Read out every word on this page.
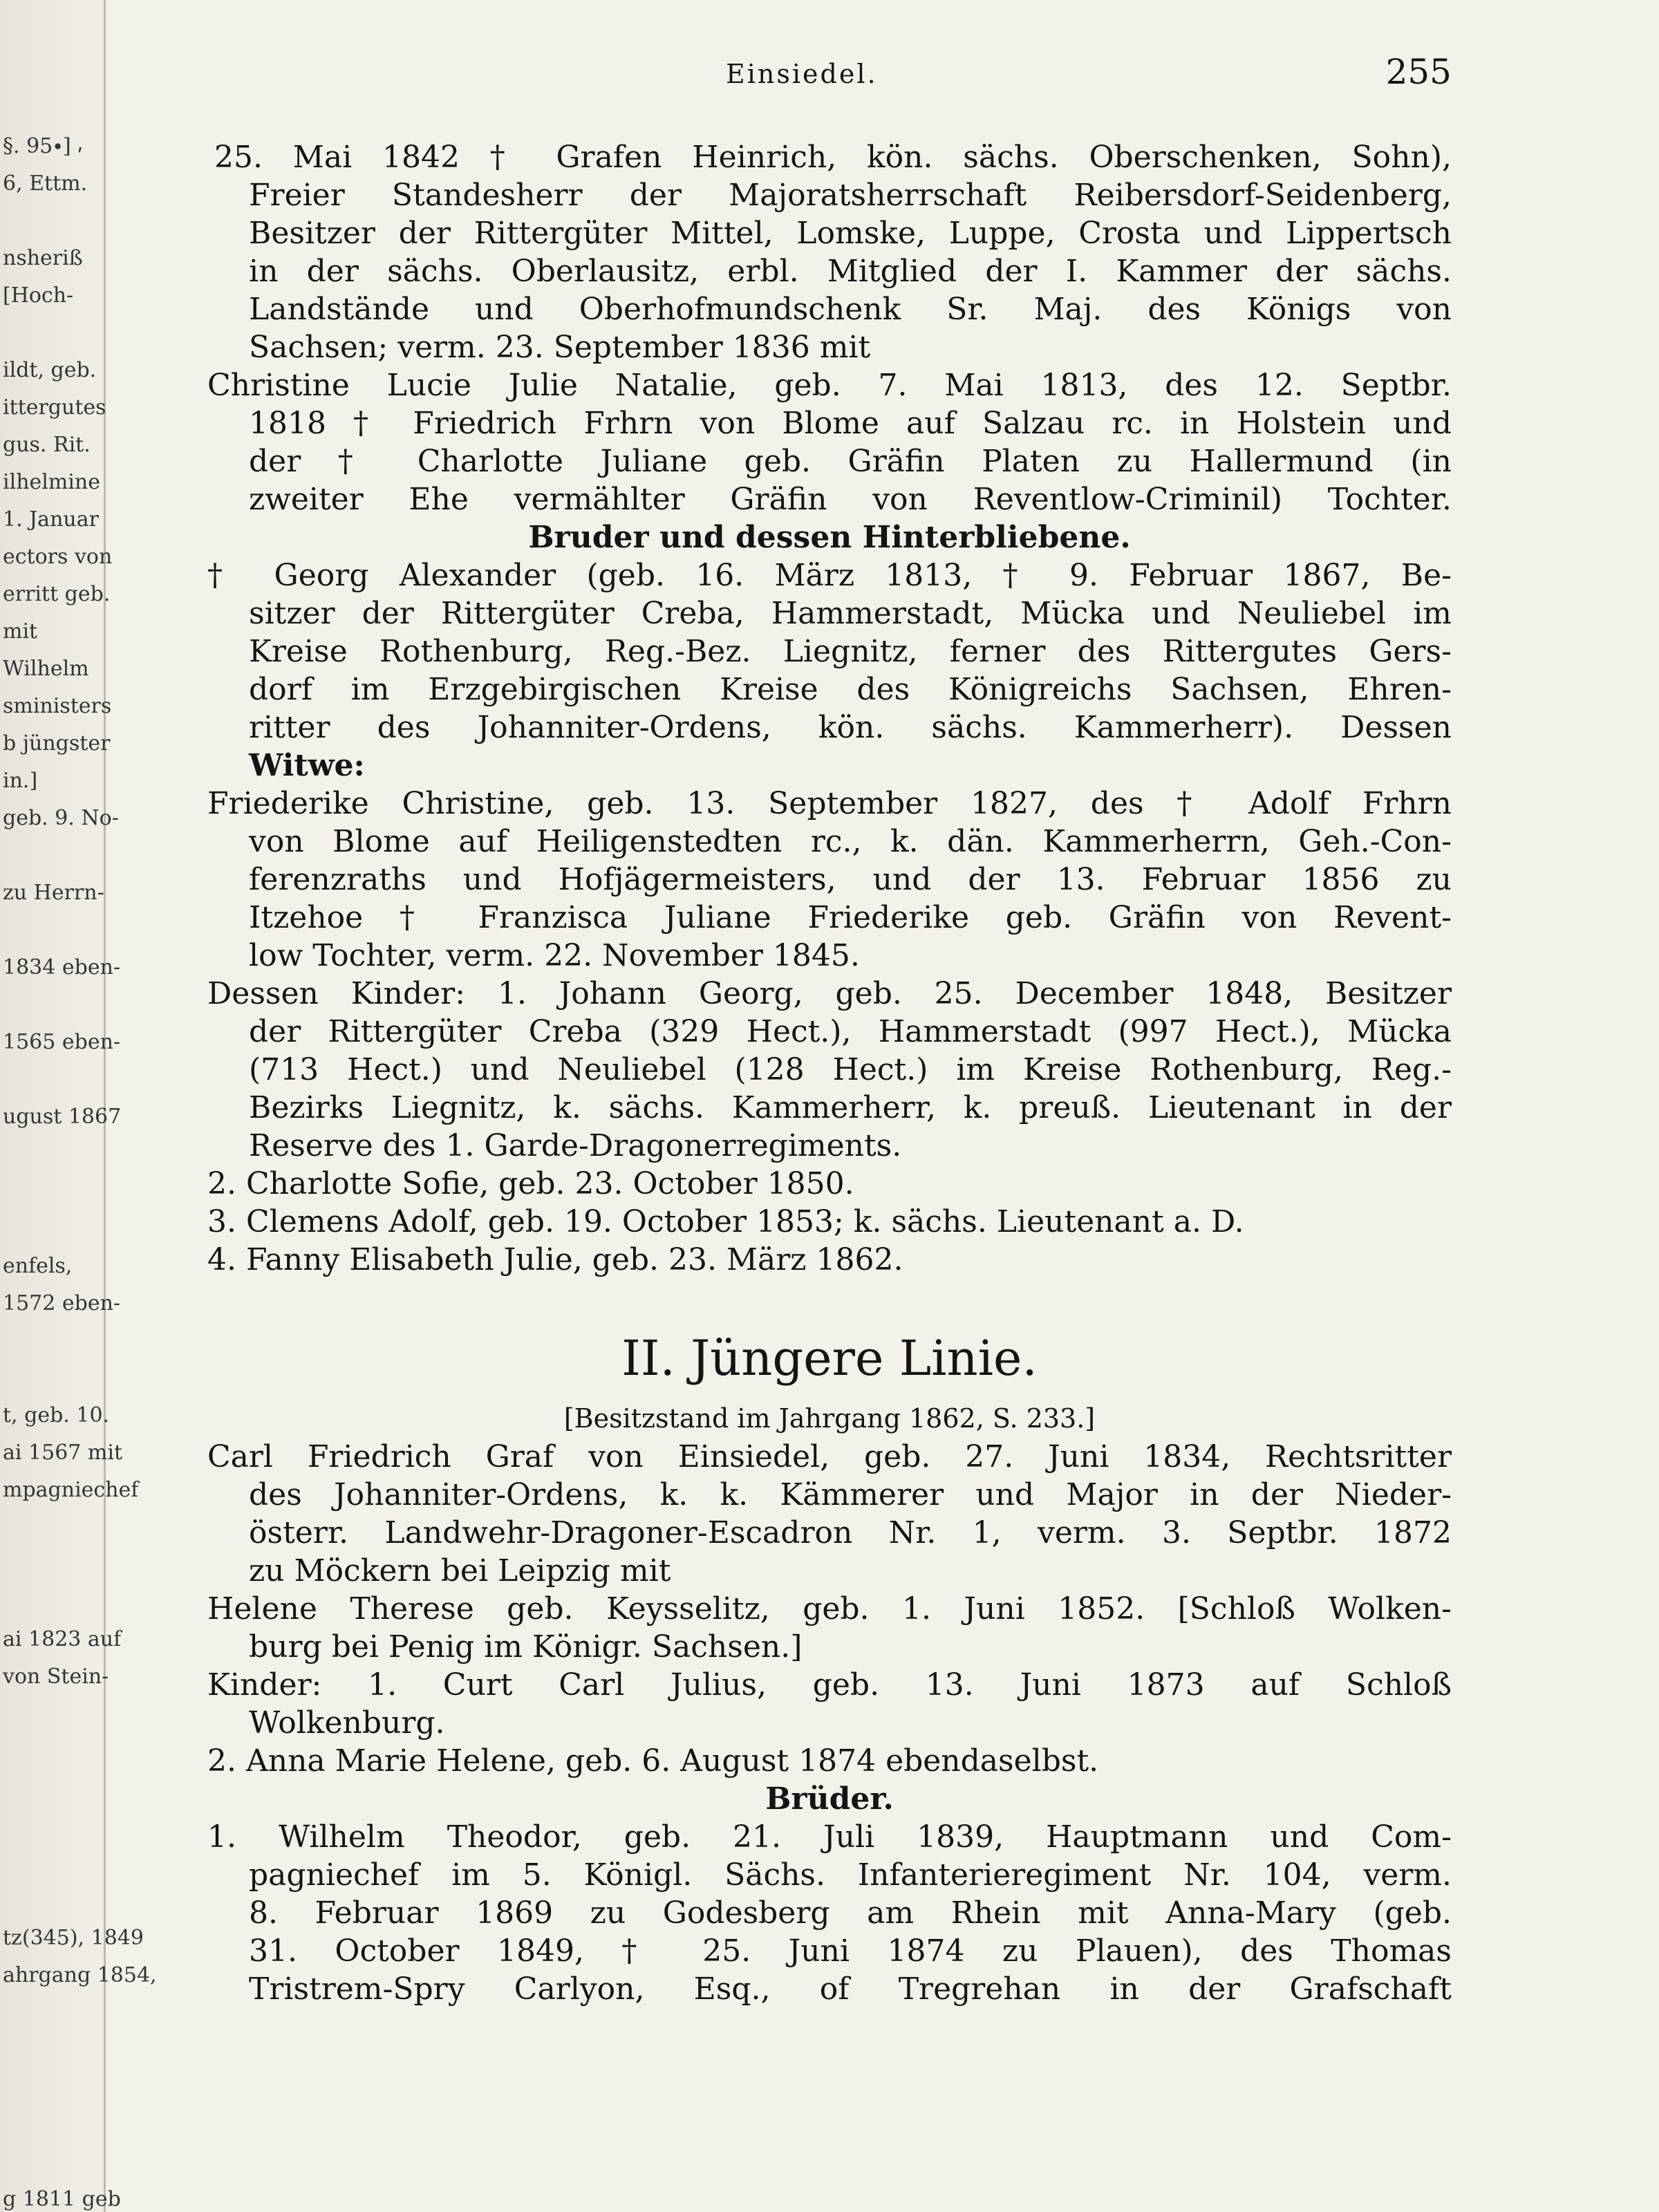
§. 95∙] ⸴
6, Ettm.
nsheriß
[Hoch-
ildt, geb.
ittergutes
gus. Rit.
ilhelmine
1. Januar
ectors von
erritt geb.
mit
Wilhelm
sministers
b jüngster
in.]
geb. 9. No-
zu Herrn-
1834 eben-
1565 eben-
ugust 1867
enfels,
1572 eben-
t, geb. 10.
ai 1567 mit
mpagniechef
ai 1823 auf
von Stein-
tz(345), 1849
ahrgang 1854,
g 1811 geb
Einsiedel.	255
25. Mai 1842 † Grafen Heinrich, kön. sächs. Oberschenken, Sohn),
Freier Standesherr der Majoratsherrschaft Reibersdorf-Seidenberg,
Besitzer der Rittergüter Mittel, Lomske, Luppe, Crosta und Lippertsch
in der sächs. Oberlausitz, erbl. Mitglied der I. Kammer der sächs.
Landstände und Oberhofmundschenk Sr. Maj. des Königs von
Sachsen; verm. 23. September 1836 mit
Christine Lucie Julie Natalie, geb. 7. Mai 1813, des 12. Septbr.
1818 † Friedrich Frhrn von Blome auf Salzau rc. in Holstein und
der † Charlotte Juliane geb. Gräfin Platen zu Hallermund (in
zweiter Ehe vermählter Gräfin von Reventlow-Criminil) Tochter.
Bruder und dessen Hinterbliebene.
† Georg Alexander (geb. 16. März 1813, † 9. Februar 1867, Be-
sitzer der Rittergüter Creba, Hammerstadt, Mücka und Neuliebel im
Kreise Rothenburg, Reg.-Bez. Liegnitz, ferner des Rittergutes Gers-
dorf im Erzgebirgischen Kreise des Königreichs Sachsen, Ehren-
ritter des Johanniter-Ordens, kön. sächs. Kammerherr). Dessen
Witwe:
Friederike Christine, geb. 13. September 1827, des † Adolf Frhrn
von Blome auf Heiligenstedten rc., k. dän. Kammerherrn, Geh.-Con-
ferenzraths und Hofjägermeisters, und der 13. Februar 1856 zu
Itzehoe † Franzisca Juliane Friederike geb. Gräfin von Revent-
low Tochter, verm. 22. November 1845.
Dessen Kinder: 1. Johann Georg, geb. 25. December 1848, Besitzer
der Rittergüter Creba (329 Hect.), Hammerstadt (997 Hect.), Mücka
(713 Hect.) und Neuliebel (128 Hect.) im Kreise Rothenburg, Reg.-
Bezirks Liegnitz, k. sächs. Kammerherr, k. preuß. Lieutenant in der
Reserve des 1. Garde-Dragonerregiments.
2. Charlotte Sofie, geb. 23. October 1850.
3. Clemens Adolf, geb. 19. October 1853; k. sächs. Lieutenant a. D.
4. Fanny Elisabeth Julie, geb. 23. März 1862.
II. Jüngere Linie.
[Besitzstand im Jahrgang 1862, S. 233.]
Carl Friedrich Graf von Einsiedel, geb. 27. Juni 1834, Rechtsritter
des Johanniter-Ordens, k. k. Kämmerer und Major in der Nieder-
österr. Landwehr-Dragoner-Escadron Nr. 1, verm. 3. Septbr. 1872
zu Möckern bei Leipzig mit
Helene Therese geb. Keysselitz, geb. 1. Juni 1852. [Schloß Wolken-
burg bei Penig im Königr. Sachsen.]
Kinder: 1. Curt Carl Julius, geb. 13. Juni 1873 auf Schloß
Wolkenburg.
2. Anna Marie Helene, geb. 6. August 1874 ebendaselbst.
Brüder.
1. Wilhelm Theodor, geb. 21. Juli 1839, Hauptmann und Com-
pagniechef im 5. Königl. Sächs. Infanterieregiment Nr. 104, verm.
8. Februar 1869 zu Godesberg am Rhein mit Anna-Mary (geb.
31. October 1849, † 25. Juni 1874 zu Plauen), des Thomas
Tristrem-Spry Carlyon, Esq., of Tregrehan in der Grafschaft
